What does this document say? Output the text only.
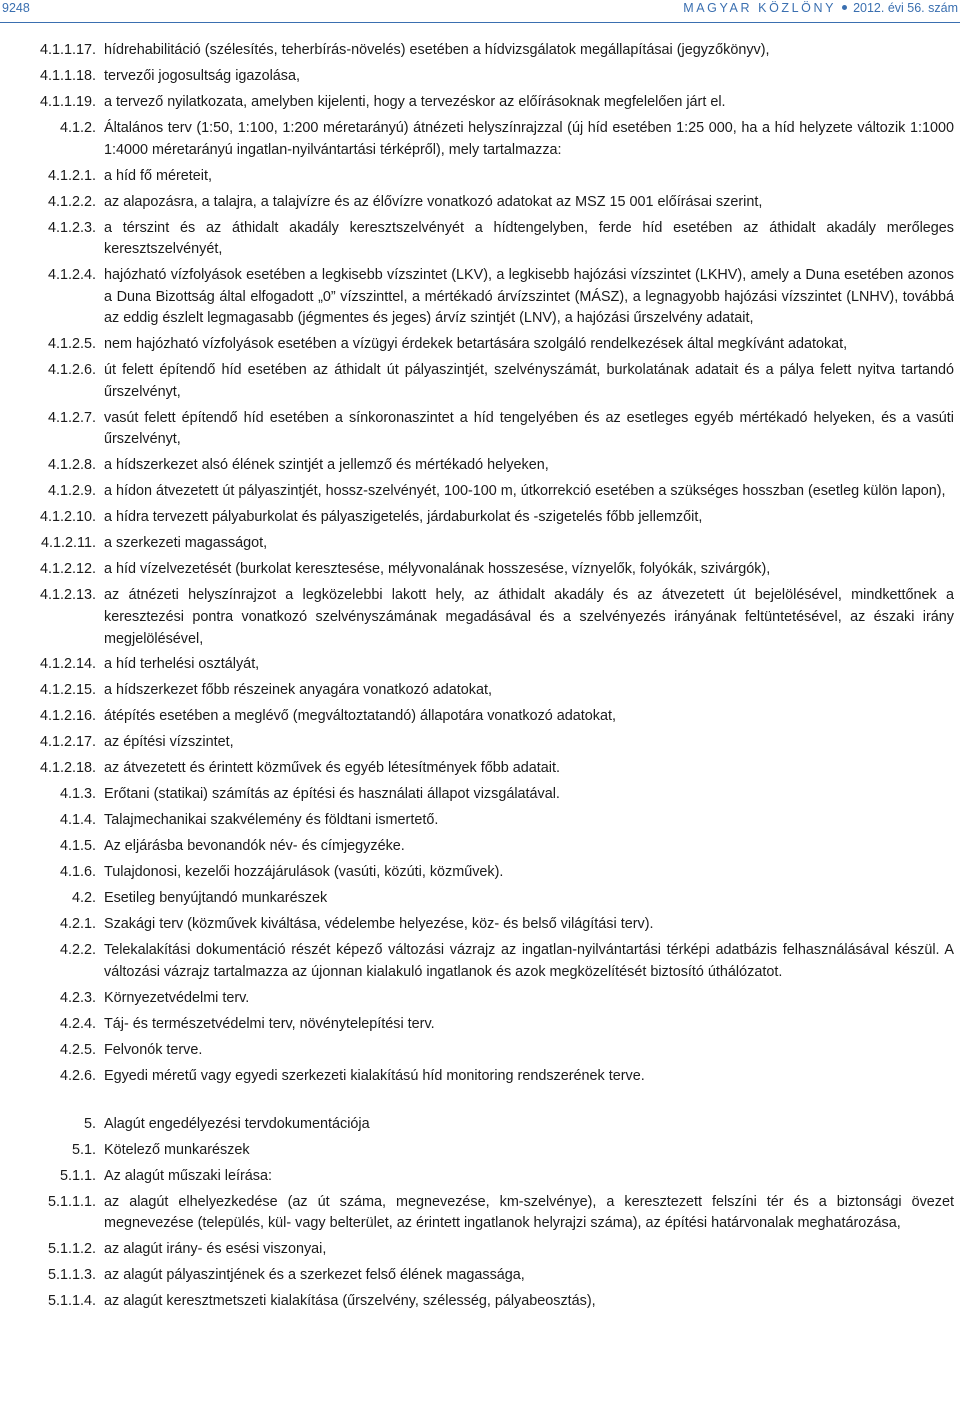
9248	MAGYAR KÖZLÖNY 2012. évi 56. szám
4.1.1.17. hídrehabilitáció (szélesítés, teherbírás-növelés) esetében a hídvizsgálatok megállapításai (jegyzőkönyv),
4.1.1.18. tervezői jogosultság igazolása,
4.1.1.19. a tervező nyilatkozata, amelyben kijelenti, hogy a tervezéskor az előírásoknak megfelelően járt el.
4.1.2. Általános terv (1:50, 1:100, 1:200 méretarányú) átnézeti helyszínrajzzal (új híd esetében 1:25 000, ha a híd helyzete változik 1:1000 1:4000 méretarányú ingatlan-nyilvántartási térképről), mely tartalmazza:
4.1.2.1. a híd fő méreteit,
4.1.2.2. az alapozásra, a talajra, a talajvízre és az élővízre vonatkozó adatokat az MSZ 15 001 előírásai szerint,
4.1.2.3. a térszint és az áthidalt akadály keresztszelvényét a hídtengelyben, ferde híd esetében az áthidalt akadály merőleges keresztszelvényét,
4.1.2.4. hajózható vízfolyások esetében a legkisebb vízszintet (LKV), a legkisebb hajózási vízszintet (LKHV), amely a Duna esetében azonos a Duna Bizottság által elfogadott „0” vízszinttel, a mértékadó árvízszintet (MÁSZ), a legnagyobb hajózási vízszintet (LNHV), továbbá az eddig észlelt legmagasabb (jégmentes és jeges) árvíz szintjét (LNV), a hajózási űrszelvény adatait,
4.1.2.5. nem hajózható vízfolyások esetében a vízügyi érdekek betartására szolgáló rendelkezések által megkívánt adatokat,
4.1.2.6. út felett építendő híd esetében az áthidalt út pályaszintjét, szelvényszámát, burkolatának adatait és a pálya felett nyitva tartandó űrszelvényt,
4.1.2.7. vasút felett építendő híd esetében a sínkoronaszintet a híd tengelyében és az esetleges egyéb mértékadó helyeken, és a vasúti űrszelvényt,
4.1.2.8. a hídszerkezet alsó élének szintjét a jellemző és mértékadó helyeken,
4.1.2.9. a hídon átvezetett út pályaszintjét, hossz-szelvényét, 100-100 m, útkorrekció esetében a szükséges hosszban (esetleg külön lapon),
4.1.2.10. a hídra tervezett pályaburkolat és pályaszigetelés, járdaburkolat és -szigetelés főbb jellemzőit,
4.1.2.11. a szerkezeti magasságot,
4.1.2.12. a híd vízelvezetését (burkolat keresztesése, mélyvonalának hosszesése, víznyelők, folyókák, szivárgók),
4.1.2.13. az átnézeti helyszínrajzot a legközelebbi lakott hely, az áthidalt akadály és az átvezetett út bejelölésével, mindkettőnek a keresztezési pontra vonatkozó szelvényszámának megadásával és a szelvényezés irányának feltüntetésével, az északi irány megjelölésével,
4.1.2.14. a híd terhelési osztályát,
4.1.2.15. a hídszerkezet főbb részeinek anyagára vonatkozó adatokat,
4.1.2.16. átépítés esetében a meglévő (megváltoztatandó) állapotára vonatkozó adatokat,
4.1.2.17. az építési vízszintet,
4.1.2.18. az átvezetett és érintett közművek és egyéb létesítmények főbb adatait.
4.1.3. Erőtani (statikai) számítás az építési és használati állapot vizsgálatával.
4.1.4. Talajmechanikai szakvélemény és földtani ismertető.
4.1.5. Az eljárásba bevonandók név- és címjegyzéke.
4.1.6. Tulajdonosi, kezelői hozzájárulások (vasúti, közúti, közművek).
4.2. Esetileg benyújtandó munkarészek
4.2.1. Szakági terv (közművek kiváltása, védelembe helyezése, köz- és belső világítási terv).
4.2.2. Telekalakítási dokumentáció részét képező változási vázrajz az ingatlan-nyilvántartási térképi adatbázis felhasználásával készül. A változási vázrajz tartalmazza az újonnan kialakuló ingatlanok és azok megközelítését biztosító úthálózatot.
4.2.3. Környezetvédelmi terv.
4.2.4. Táj- és természetvédelmi terv, növénytelepítési terv.
4.2.5. Felvonók terve.
4.2.6. Egyedi méretű vagy egyedi szerkezeti kialakítású híd monitoring rendszerének terve.
5. Alagút engedélyezési tervdokumentációja
5.1. Kötelező munkarészek
5.1.1. Az alagút műszaki leírása:
5.1.1.1. az alagút elhelyezkedése (az út száma, megnevezése, km-szelvénye), a keresztezett felszíni tér és a biztonsági övezet megnevezése (település, kül- vagy belterület, az érintett ingatlanok helyrajzi száma), az építési határvonalak meghatározása,
5.1.1.2. az alagút irány- és esési viszonyai,
5.1.1.3. az alagút pályaszintjének és a szerkezet felső élének magassága,
5.1.1.4. az alagút keresztmetszeti kialakítása (űrszelvény, szélesség, pályabeosztás),
